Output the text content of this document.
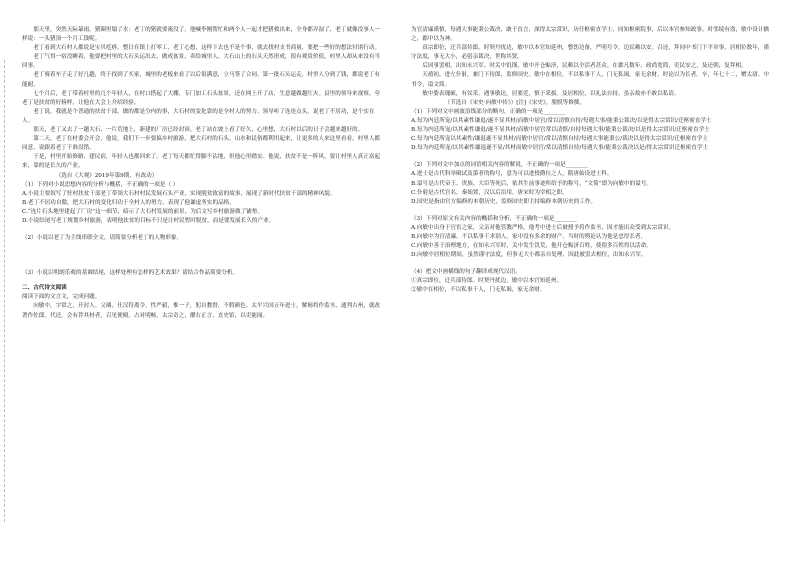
那天里，突然天际暴雨，猪圈里塌了水：老丁的猪就要淹没了。他喊李刚帮忙和两个人一起才把猪救出来，全身都弄湿了，老丁就像没事人一样说：一头猪顶一个月工钱呢。

老丁看到大石村人都说是宝贝疙瘩，整日在镇上打零工，老丁心想，这样下去也不是个事，就去找村支书商量，要把一些好的想法付诸行动。

老丁气得一宿没睡着，他要把村里的大石头运出去，做成盆景，卖给城里人。大石山上的石头天然形成，很有观赏价值，村里人却从来没有当回事。

老丁骑着车子走了好几趟，终于找到了买家，城里的老板来看了以后很满意，立马签了合同。第一批石头运走，村里人分到了钱，都说老丁有能耐。

七个月后，老丁带着村里的几个年轻人，在村口搭起了大棚，专门加工石头盆景，还在网上开了店，生意越做越红火。县里的领导来视察，夸老丁是扶贫的好榜样，让他在大会上介绍经验。

老丁说，我就是个普通的扶贫干部，做的都是分内的事，大石村的变化靠的是全村人的努力。领导听了连连点头，说老丁不居功，是个实在人。

那天，老丁又去了一趟大石，一片荒地上，新建的厂房已经封顶。老丁站在坡上看了好久，心里想，大石村以后的日子会越来越好的。

第二天，老丁在村委会开会，他说，我们下一步要搞乡村旅游，把大石村的石头、山水和民俗都利用起来，让更多的人来这里看看，村里人都同意，说跟着老丁干准没错。

于是，村里开始修路、建民宿，年轻人也都回来了。老丁每天都忙得脚不沾地，但他心里踏实。他说，扶贫不是一阵风，要让村里人真正富起来，靠的是长久的产业。

（选自《大观》2019年第9期，有改动）

（1）下列对小说思想内容的分析与概括，不正确的一项是（ ）

A.小说主要叙写了驻村扶贫干部老丁带领大石村村民发展石头产业，实现脱贫致富的故事，展现了新时代扶贫干部的精神风貌。

B.老丁不居功自傲，把大石村的变化归功于全村人的努力，表现了他谦虚务实的品格。

C.“连片石头地里建起了厂房”这一细节，暗示了大石村发展的前景，为后文写乡村旅游做了铺垫。

D.小说结尾写老丁规划乡村旅游，表明他扶贫的目标不只是让村民暂时脱贫，而是要发展长久的产业。

（2）小说以老丁为主线串联全文，请简要分析老丁的人物形象。

（3）小说以明朗乐观的基调结尾，这样处理有怎样的艺术效果？请结合作品简要分析。

二、古代诗文阅读

阅读下面的文言文，完成问题。

向敏中，字常之，开封人。父瑀，仕汉符离令。性严毅，惟一子，躬自教督，不假颜色。太平兴国五年进士，解褐将作监丞、通判吉州，就改著作佐郎。代还，会有荐其材者，召见便殿，占对明畅，太宗奇之，擢右正言、直史馆，以吏能闻。

为官清廉谨慎，每遇大事能秉公裁决，敢于直言，深得太宗赏识，历任枢密直学士、同知枢密院事，后以本官参知政事。时邻境有盗，敏中设计擒之，郡中以为神。

真宗即位，迁兵部侍郎。时契丹扰边，敏中以本官知延州，整饬边备，严明号令，边民赖以安。召还，拜同中书门下平章事，居相位数年，谨守法度，事无大小，必躬亲裁决，世称其贤。

后因事罢相，出知永兴军。时关中饥馑，敏中开仓赈济，民赖以全活者甚众。在郡凡数年，政尚宽简，吏民安之，及还朝，复拜相。

天禧初，进左仆射，兼门下侍郎，监修国史。敏中在相位，不以私事干人，门无私谒，家无余财，时论以为长者。卒，年七十二，赠太尉、中书令，谥文简。

敏中姿表瑰硕，有仪采，遇事敏达，居要近，慎于采拔。及居相位，以礼法自持，虽亲故亦不敢以私请。

（节选自《宋史·向敏中传》）[注]《宋史》，脱脱等修撰。

（1）下列对文中画波浪线部分的断句，正确的一项是________

A.每为内廷所宠/以其素性谦退/遂不显其材/而敏中居官/常以清慎自持/每遇大事/能秉公裁决/以是得太宗赏识/迁枢密直学士

B.每为内廷所宠/以其素性谦退/遂不显其材/而敏中居官常以清慎/自持每遇大事/能秉公裁决/以是得太宗赏识/迁枢密直学士

C.每为内廷所宠以其素性/谦退遂不显其材/而敏中居官/常以清慎自持/每遇大事能秉公/裁决以是得太宗赏识/迁枢密直学士

D.每为内廷所宠/以其素性谦退遂不显/其材而敏中居官/常以清慎自持/每遇大事/能秉公裁决以是/得太宗赏识迁枢密直学士

（2）下列对文中加点的词语相关内容的解说，不正确的一项是________

A.进士是古代科举殿试及第者的称号，意为可以进授爵位之人，隋唐始设进士科。

B.谥号是古代帝王、贵族、大臣等死后，依其生前事迹所给予的称号，“文简”即为向敏中的谥号。

C.仆射是古代官名，秦始置，汉以后沿用，唐宋时为宰相之职。

D.国史是指由官方编修的本朝历史，监修国史即主持编修本朝历史的工作。

（3）下列对原文有关内容的概括和分析，不正确的一项是________

A.向敏中出身于官宦之家，父亲对他管教严格，他考中进士后被授予将作监丞，因才能出众受到太宗赏识。

B.向敏中为官清廉，不以私事干求别人，家中没有多余的财产，当时的舆论认为他是忠厚长者。

C.向敏中善于治理地方，在知永兴军时，关中发生饥荒，他开仓赈济百姓，使很多百姓得以活命。

D.向敏中居相位期间，虽然谨守法度，但事无大小都亲自处理，因此被罢去相位，出知永兴军。

（4）把文中画横线的句子翻译成现代汉语。

①真宗即位，迁兵部侍郎。时契丹扰边，敏中以本官知延州。

②敏中在相位，不以私事干人，门无私谒，家无余财。
